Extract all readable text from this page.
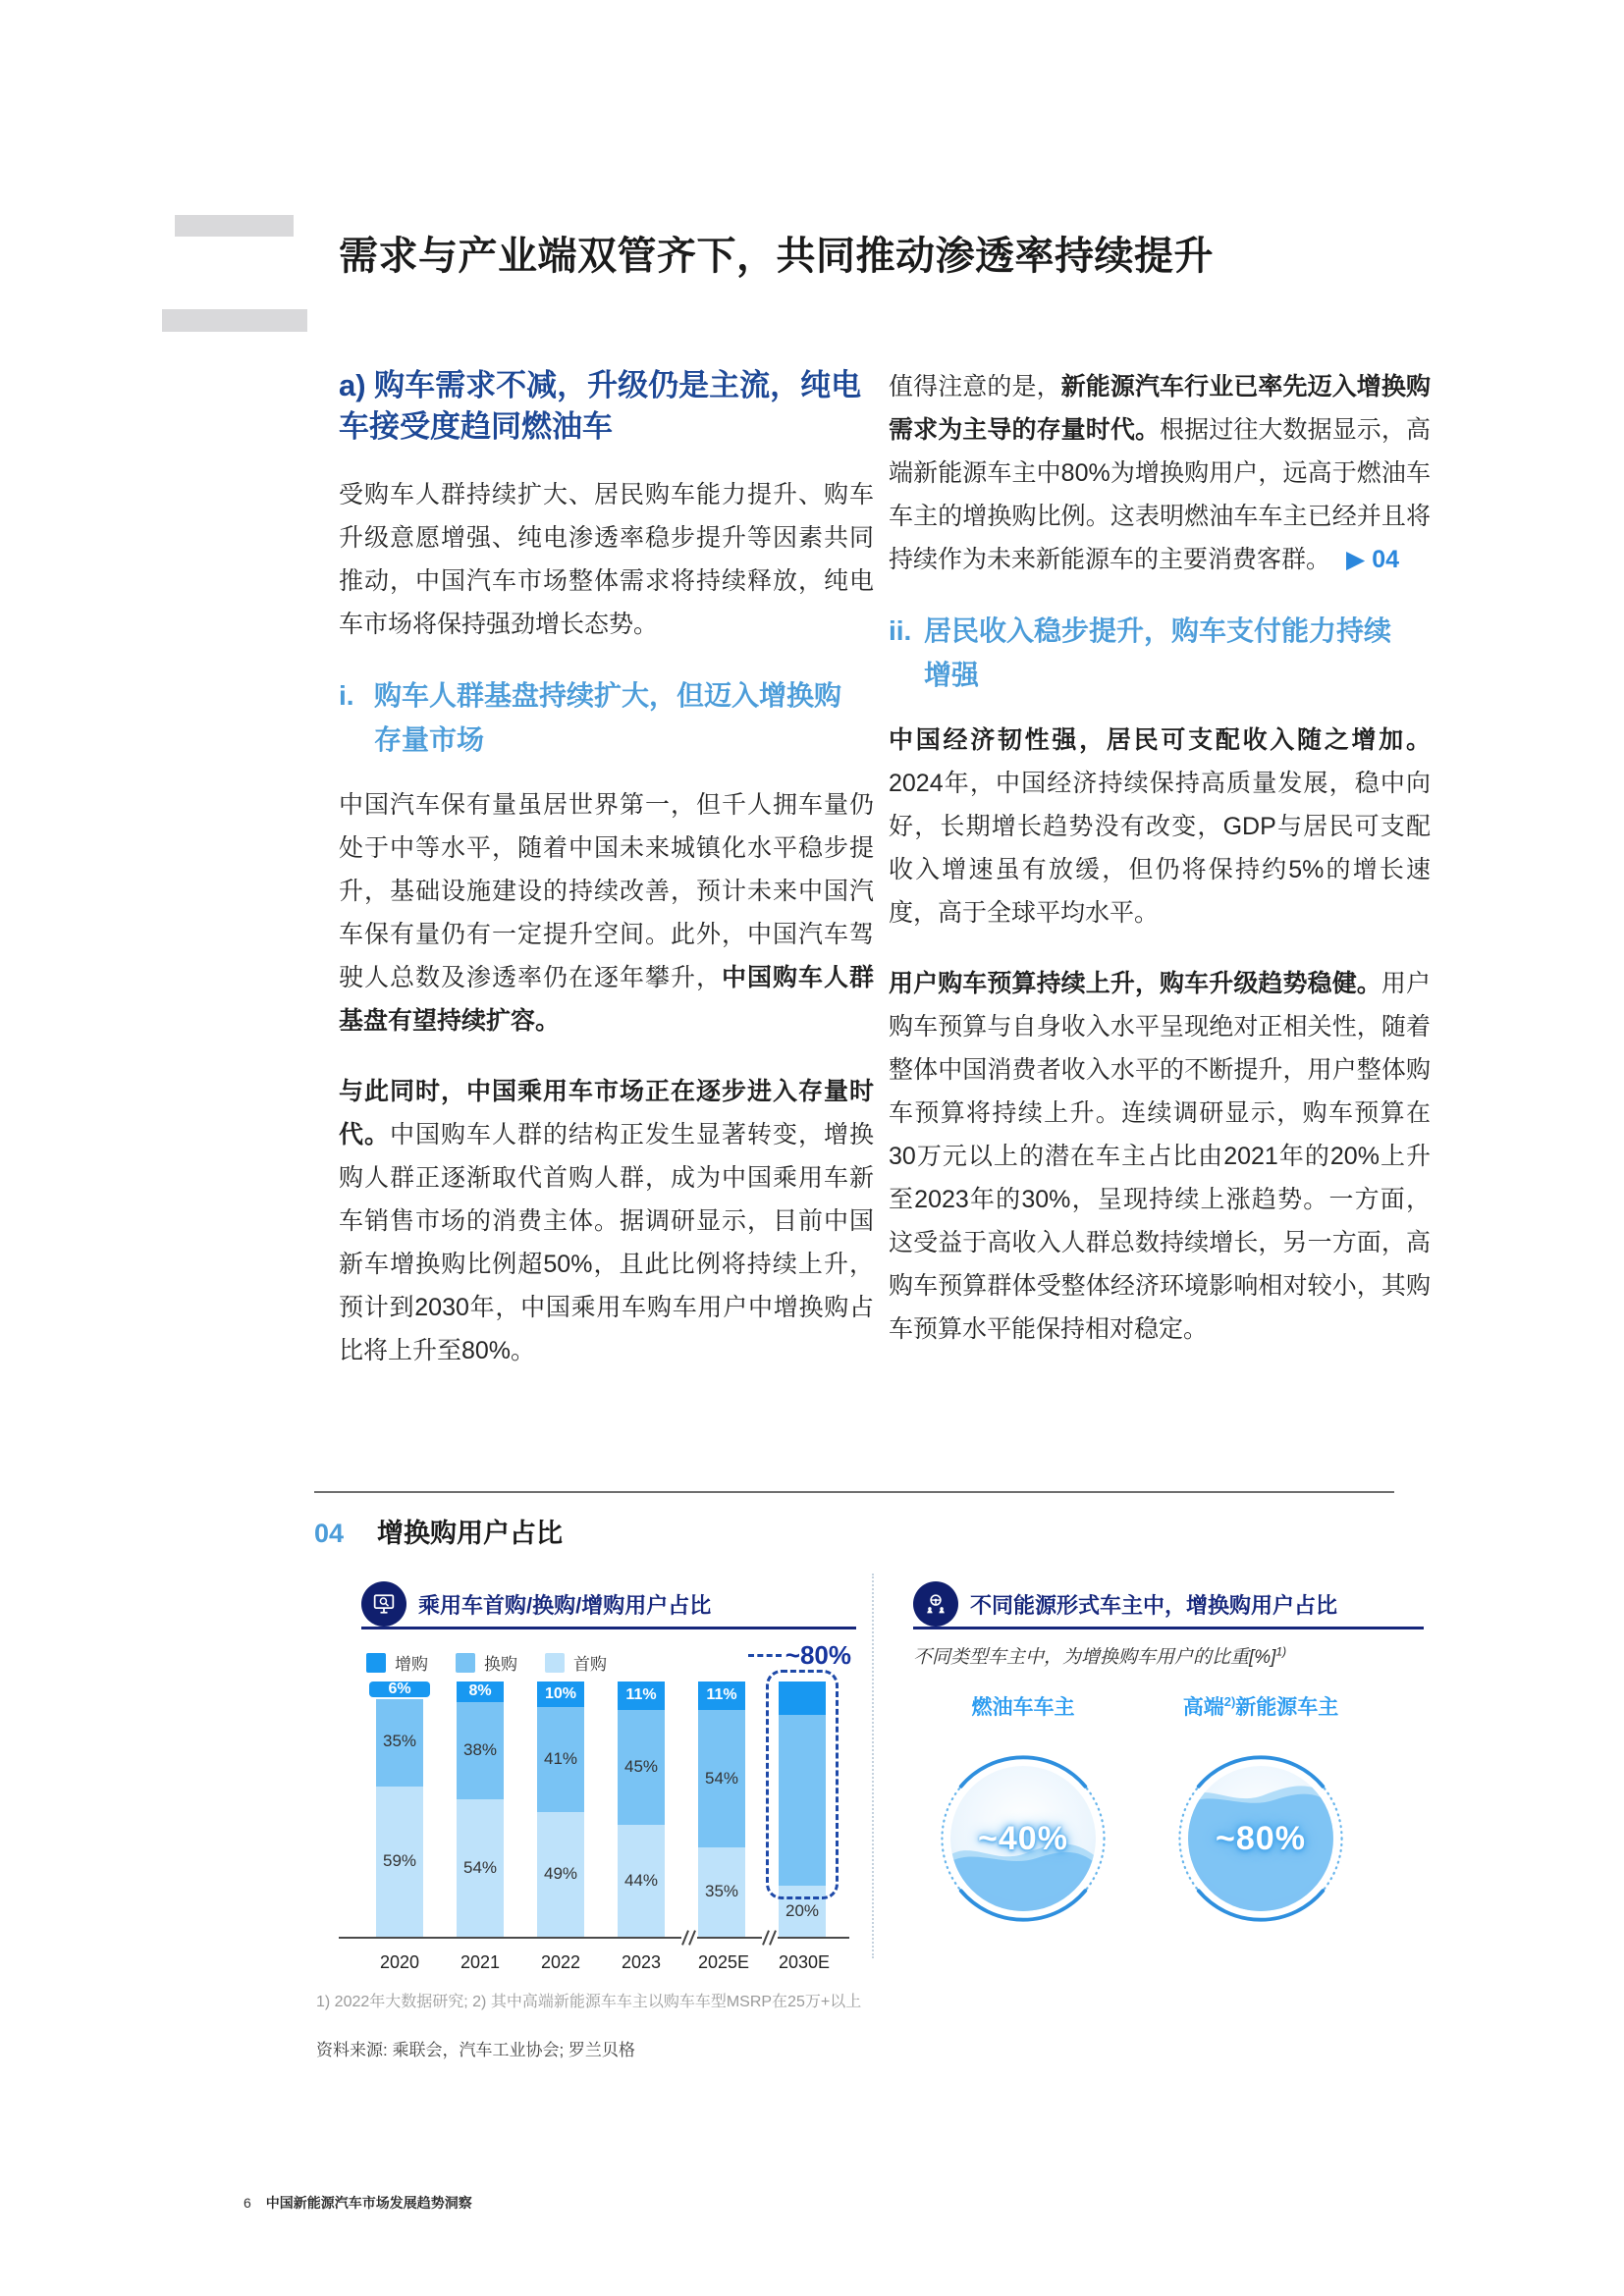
需求与产业端双管齐下，共同推动渗透率持续提升
a) 购车需求不减，升级仍是主流，纯电车接受度趋同燃油车

受购车人群持续扩大、居民购车能力提升、购车升级意愿增强、纯电渗透率稳步提升等因素共同推动，中国汽车市场整体需求将持续释放，纯电车市场将保持强劲增长态势。

i. 购车人群基盘持续扩大，但迈入增换购存量市场

中国汽车保有量虽居世界第一，但千人拥车量仍处于中等水平，随着中国未来城镇化水平稳步提升，基础设施建设的持续改善，预计未来中国汽车保有量仍有一定提升空间。此外，中国汽车驾驶人总数及渗透率仍在逐年攀升，中国购车人群基盘有望持续扩容。

与此同时，中国乘用车市场正在逐步进入存量时代。中国购车人群的结构正发生显著转变，增换购人群正逐渐取代首购人群，成为中国乘用车新车销售市场的消费主体。据调研显示，目前中国新车增换购比例超50%，且此比例将持续上升，预计到2030年，中国乘用车购车用户中增换购占比将上升至80%。

值得注意的是，新能源汽车行业已率先迈入增换购需求为主导的存量时代。根据过往大数据显示，高端新能源车主中80%为增换购用户，远高于燃油车车主的增换购比例。这表明燃油车车主已经并且将持续作为未来新能源车的主要消费客群。 ▶ 04

ii. 居民收入稳步提升，购车支付能力持续增强

中国经济韧性强，居民可支配收入随之增加。2024年，中国经济持续保持高质量发展，稳中向好，长期增长趋势没有改变，GDP与居民可支配收入增速虽有放缓，但仍将保持约5%的增长速度，高于全球平均水平。

用户购车预算持续上升，购车升级趋势稳健。用户购车预算与自身收入水平呈现绝对正相关性，随着整体中国消费者收入水平的不断提升，用户整体购车预算将持续上升。连续调研显示，购车预算在30万元以上的潜在车主占比由2021年的20%上升至2023年的30%，呈现持续上涨趋势。一方面，这受益于高收入人群总数持续增长，另一方面，高购车预算群体受整体经济环境影响相对较小，其购车预算水平能保持相对稳定。

04 增换购用户占比
乘用车首购/换购/增购用户占比
增购	换购	首购
6%
35%
59%
2020
8%
38%
54%
2021
10%
41%
49%
2022
11%
45%
44%
2023
11%
54%
35%
2025E
20%
~80%
2030E
不同能源形式车主中，增换购用户占比
不同类型车主中，为增换购车用户的比重[%]$^{1)}$
燃油车车主
~40%
高端$^{2)}$新能源车主
~80%
1) 2022年大数据研究; 2) 其中高端新能源车车主以购车车型MSRP在25万+以上
资料来源: 乘联会，汽车工业协会; 罗兰贝格
6 中国新能源汽车市场发展趋势洞察
